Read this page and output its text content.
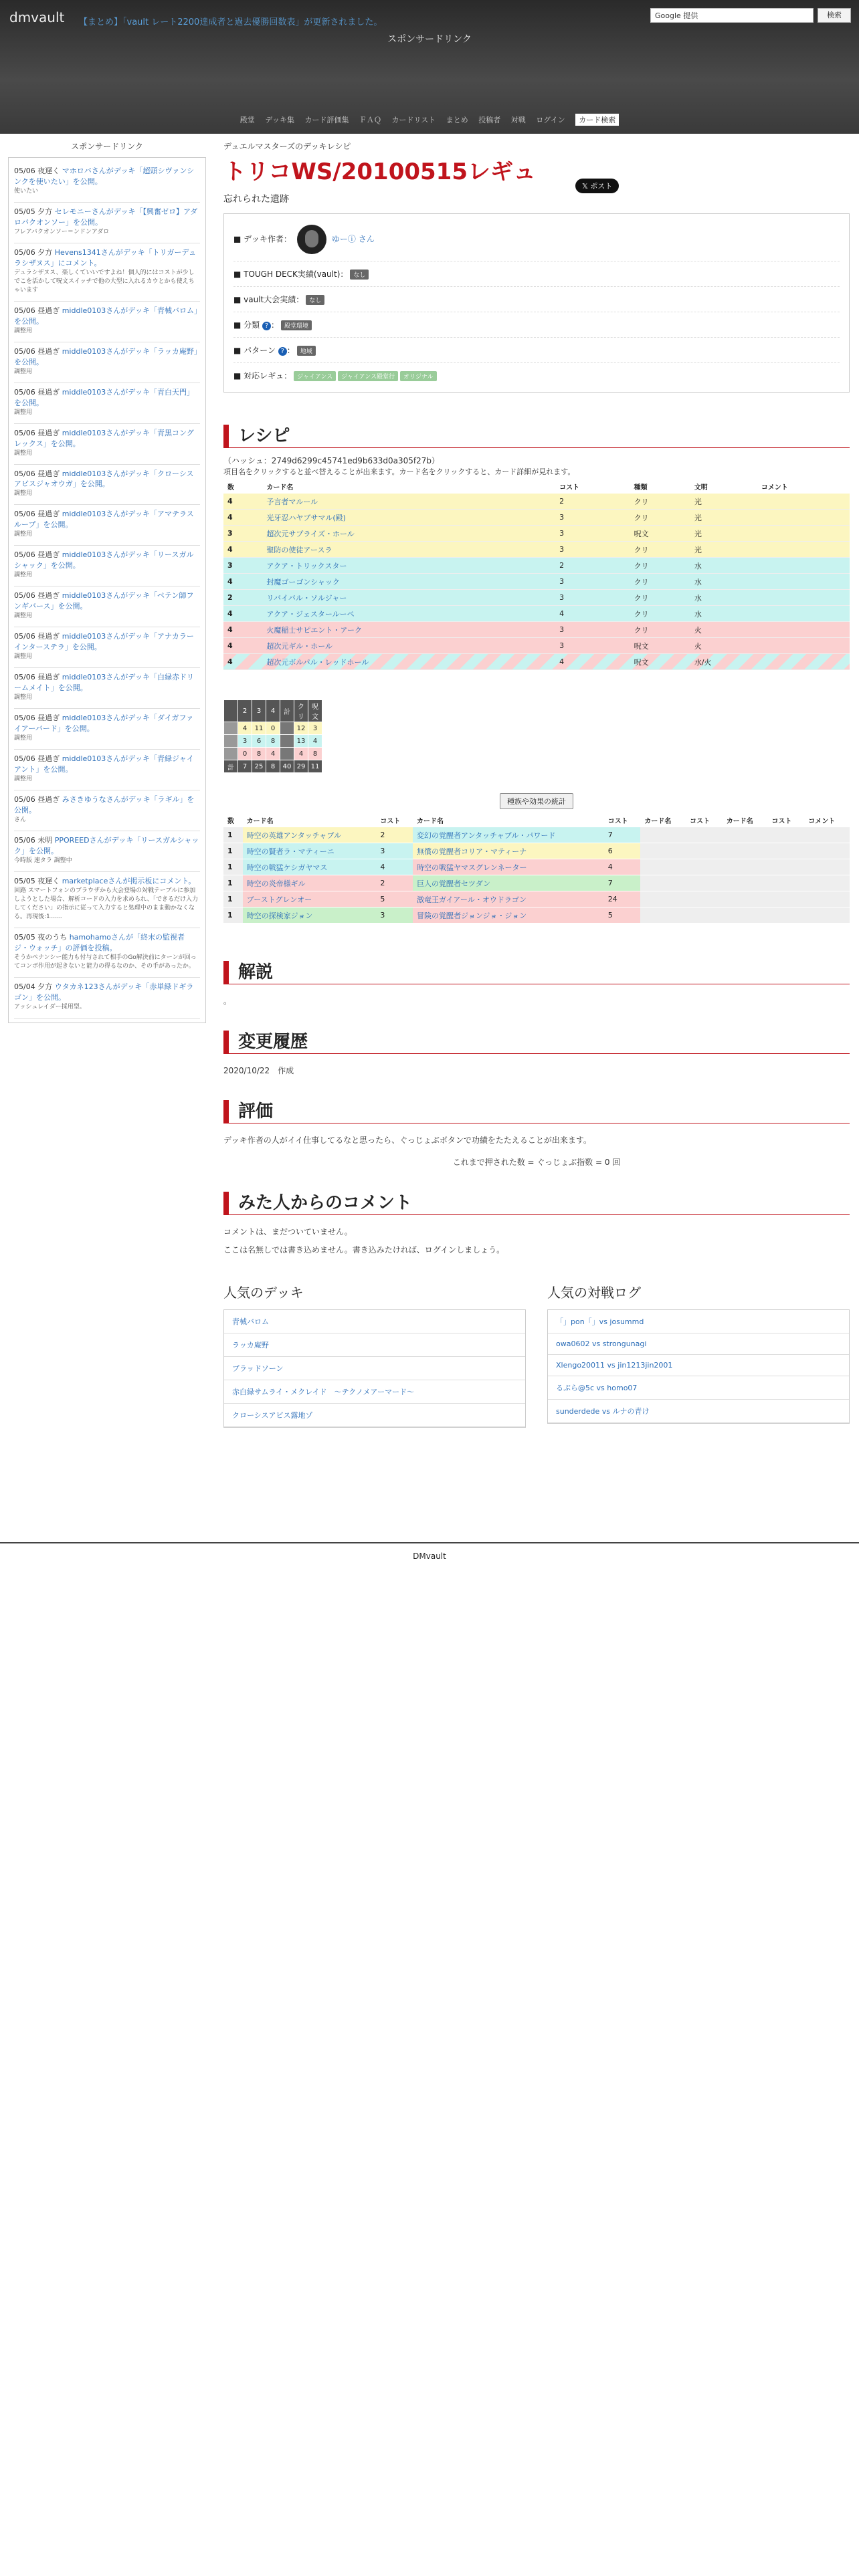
dmvault 【まとめ】「vault レート2200達成者と過去優勝回数表」が更新されました。
Google 提供	検索
スポンサードリンク
殿堂 デッキ集 カード評価集 ＦＡＱ カードリスト まとめ 投稿者 対戦 ログイン カード検索
スポンサードリンク
05/06 夜遅く マホロバさんがデッキ「超頭シヴァンシンクを使いたい」を公開。
使いたい
05/05 夕方 セレモニーさんがデッキ「【興奮ゼロ】アダロバクオンソー」を公開。
フレアバクオンソー＝ンドンアダロ
05/06 夕方 Hevens1341さんがデッキ「トリガーデュラシザヌス」にコメント。
デュラシザヌス、楽しくていいですよね！個人的にはコストが少しでこを活かして呪文スイッチで他の大型に入れるカウとかも使えちゃいます
05/06 昼過ぎ middle0103さんがデッキ「青械バロム」を公開。
調整用
05/06 昼過ぎ middle0103さんがデッキ「ラッカ庵野」を公開。
調整用
05/06 昼過ぎ middle0103さんがデッキ「青白天門」を公開。
調整用
05/06 昼過ぎ middle0103さんがデッキ「青黒コングレックス」を公開。
調整用
05/06 昼過ぎ middle0103さんがデッキ「クローシスアビスジャオウガ」を公開。
調整用
05/06 昼過ぎ middle0103さんがデッキ「アマテラスループ」を公開。
調整用
05/06 昼過ぎ middle0103さんがデッキ「リースガルシャック」を公開。
調整用
05/06 昼過ぎ middle0103さんがデッキ「ペテン師フンギバース」を公開。
調整用
05/06 昼過ぎ middle0103さんがデッキ「アナカラーインターステラ」を公開。
調整用
05/06 昼過ぎ middle0103さんがデッキ「白緑赤ドリームメイト」を公開。
調整用
05/06 昼過ぎ middle0103さんがデッキ「ダイガファイアーバード」を公開。
調整用
05/06 昼過ぎ middle0103さんがデッキ「青緑ジャイアント」を公開。
調整用
05/06 昼過ぎ みさきゆうなさんがデッキ「ラギル」を公開。
さん
05/06 未明 PPOREEDさんがデッキ「リースガルシャック」を公開。
今時版 速タラ 調整中
05/05 夜遅く marketplaceさんが掲示板にコメント。
回路 スマートフォンのブラウザから大会登場の対戦テーブルに参加しようとした場合、解析コードの入力を求められ、「できるだけ入力してください」の指示に従って入力すると処理中のまま動かなくなる。再現後:1……
05/05 夜のうち hamohamoさんが「終末の監視者　ジ・ウォッチ」の評価を投稿。
そうかペナンシー能力も付与されて相手のGo解決前にターンが回ってコンボ作用が起きないと能力の得るなのか、その手があったか。
05/04 夕方 ウタカネ123さんがデッキ「赤単緑ドギラゴン」を公開。
アッシュレイダー採用型。
デュエルマスターズのデッキレシピ
トリコWS/20100515レギュ
𝕏 ポスト
忘れられた遺跡
■ デッキ作者：	ゆーⓘ さん
■ TOUGH DECK実績(vault)： なし
■ vault大会実績： なし
■ 分類 ? ： 殿堂環境
■ パターン ? ： 地域
■ 対応レギュ： ジャイアンス ジャイアンス殿堂行 オリジナル
レシピ
（ハッシュ：2749d6299c45741ed9b633d0a305f27b）
項目名をクリックすると並べ替えることが出来ます。カード名をクリックすると、カード詳細が見れます。
数	カード名	コスト	種類	文明	コメント
4	予言者マルール	2	クリ	光	
4	光牙忍ハヤブサマル(殿)	3	クリ	光	
3	超次元サプライズ・ホール	3	呪文	光	
4	聖防の使徒アースラ	3	クリ	光	
3	アクア・トリックスター	2	クリ	水	
4	封魔ゴーゴンシャック	3	クリ	水	
2	リバイバル・ソルジャー	3	クリ	水	
4	アクア・ジェスタールーペ	4	クリ	水	
4	火魔稲士サピエント・アーク	3	クリ	火	
4	超次元ギル・ホール	3	呪文	火	
4	超次元ボルパル・レッドホール	4	呪文	水/火	
	2	3	4	計	クリ	呪文
	4	11	0		12	3
	3	6	8		13	4
	0	8	4		4	8
計	7	25	8	40	29	11
種族や効果の統計
数	カード名	コスト	カード名	コスト	カード名	コスト	カード名	コスト	コメント
1	時空の英雄アンタッチャブル	2	変幻の覚醒者アンタッチャブル・パワード	7					
1	時空の賢者ラ・マティーニ	3	無償の覚醒者コリア・マティーナ	6					
1	時空の戦猛ケシガヤマス	4	時空の戦猛ヤマスグレンネーター	4					
1	時空の炎帝様ギル	2	巨人の覚醒者セツダン	7					
1	ブーストグレンオー	5	激竜王ガイアール・オウドラゴン	24					
1	時空の探検家ジョン	3	冒険の覚醒者ジョンジョ・ジョン	5					
解説
。
変更履歴
2020/10/22　作成
評価
デッキ作者の人がイイ仕事してるなと思ったら、ぐっじょぶボタンで功績をたたえることが出来ます。
これまで押された数 = ぐっじょぶ指数 = 0 回
みた人からのコメント
コメントは、まだついていません。
ここは名無しでは書き込めません。書き込みたければ、ログインしましょう。
人気のデッキ
青械バロム
ラッカ庵野
ブラッドソーン
赤白緑サムライ・メクレイド　～テクノメアーマード～
クローシスアビス露地ゾ
人気の対戦ログ
「」pon「」vs josummd
owa0602 vs strongunagi
Xlengo20011 vs jin1213jin2001
るぷら@5c vs homo07
sunderdede vs ルナの青け
DMvault
